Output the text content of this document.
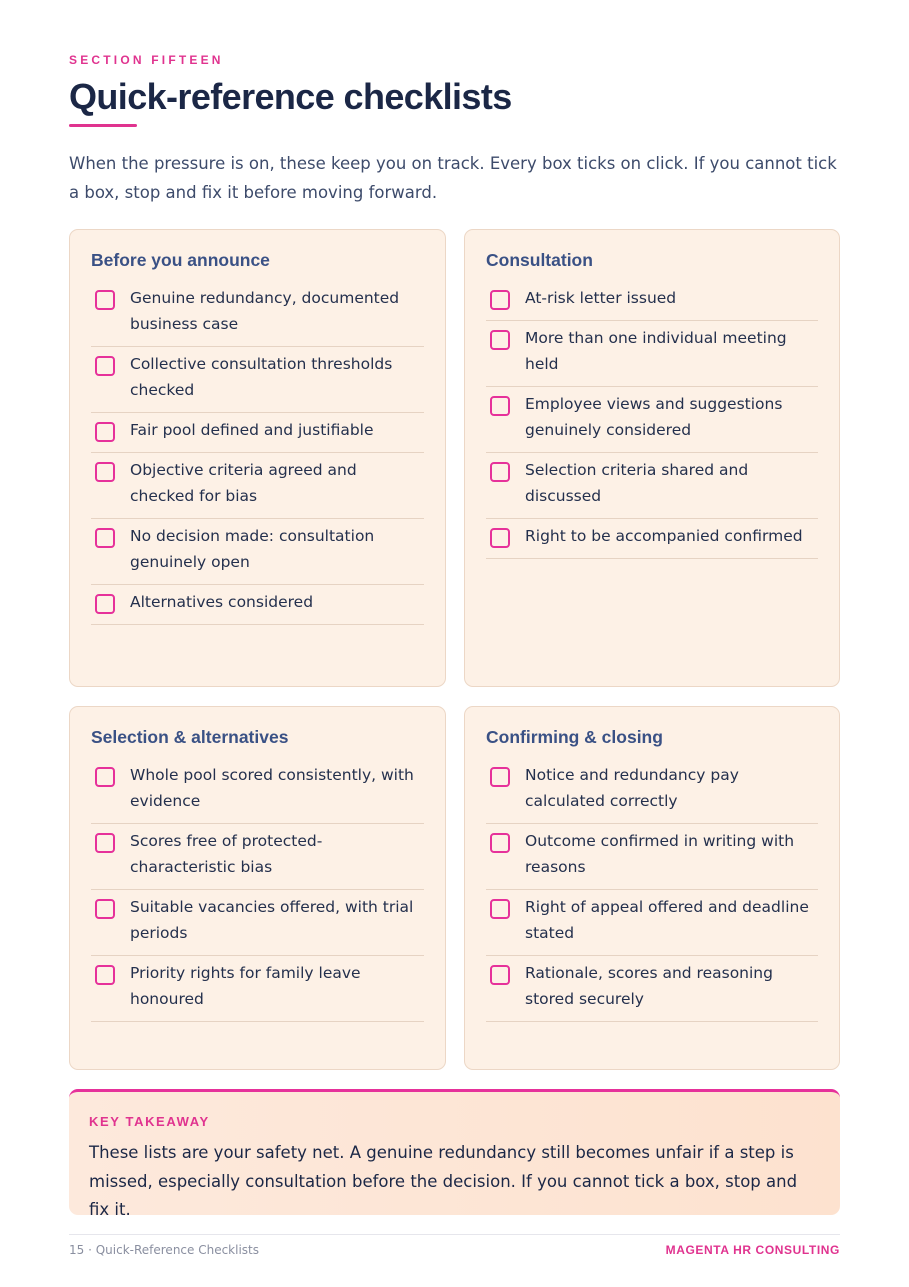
SECTION FIFTEEN
Quick-reference checklists

When the pressure is on, these keep you on track. Every box ticks on click. If you cannot tick a box, stop and fix it before moving forward.

Before you announce
Genuine redundancy, documented business case
Collective consultation thresholds checked
Fair pool defined and justifiable
Objective criteria agreed and checked for bias
No decision made: consultation genuinely open
Alternatives considered
Consultation
At-risk letter issued
More than one individual meeting held
Employee views and suggestions genuinely considered
Selection criteria shared and discussed
Right to be accompanied confirmed
Selection & alternatives
Whole pool scored consistently, with evidence
Scores free of protected-characteristic bias
Suitable vacancies offered, with trial periods
Priority rights for family leave honoured
Confirming & closing
Notice and redundancy pay calculated correctly
Outcome confirmed in writing with reasons
Right of appeal offered and deadline stated
Rationale, scores and reasoning stored securely
KEY TAKEAWAY

These lists are your safety net. A genuine redundancy still becomes unfair if a step is missed, especially consultation before the decision. If you cannot tick a box, stop and fix it.

15 · Quick-Reference Checklists	MAGENTA HR CONSULTING
